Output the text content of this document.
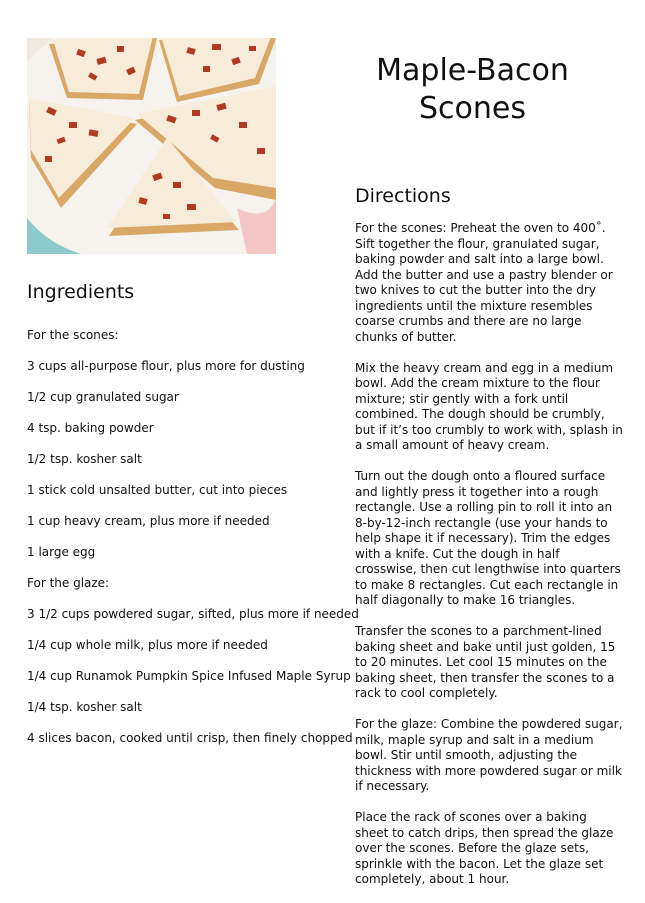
Maple-Bacon Scones
Ingredients
For the scones:
3 cups all-purpose flour, plus more for dusting
1/2 cup granulated sugar
4 tsp. baking powder
1/2 tsp. kosher salt
1 stick cold unsalted butter, cut into pieces
1 cup heavy cream, plus more if needed
1 large egg
For the glaze:
3 1/2 cups powdered sugar, sifted, plus more if needed
1/4 cup whole milk, plus more if needed
1/4 cup Runamok Pumpkin Spice Infused Maple Syrup
1/4 tsp. kosher salt
4 slices bacon, cooked until crisp, then finely chopped
Directions

For the scones: Preheat the oven to 400˚. Sift together the flour, granulated sugar, baking powder and salt into a large bowl. Add the butter and use a pastry blender or two knives to cut the butter into the dry ingredients until the mixture resembles coarse crumbs and there are no large chunks of butter.

Mix the heavy cream and egg in a medium bowl. Add the cream mixture to the flour mixture; stir gently with a fork until combined. The dough should be crumbly, but if it’s too crumbly to work with, splash in a small amount of heavy cream.

Turn out the dough onto a floured surface and lightly press it together into a rough rectangle. Use a rolling pin to roll it into an 8-by-12-inch rectangle (use your hands to help shape it if necessary). Trim the edges with a knife. Cut the dough in half crosswise, then cut lengthwise into quarters to make 8 rectangles. Cut each rectangle in half diagonally to make 16 triangles.

Transfer the scones to a parchment-lined baking sheet and bake until just golden, 15 to 20 minutes. Let cool 15 minutes on the baking sheet, then transfer the scones to a rack to cool completely.

For the glaze: Combine the powdered sugar, milk, maple syrup and salt in a medium bowl. Stir until smooth, adjusting the thickness with more powdered sugar or milk if necessary.

Place the rack of scones over a baking sheet to catch drips, then spread the glaze over the scones. Before the glaze sets, sprinkle with the bacon. Let the glaze set completely, about 1 hour.
